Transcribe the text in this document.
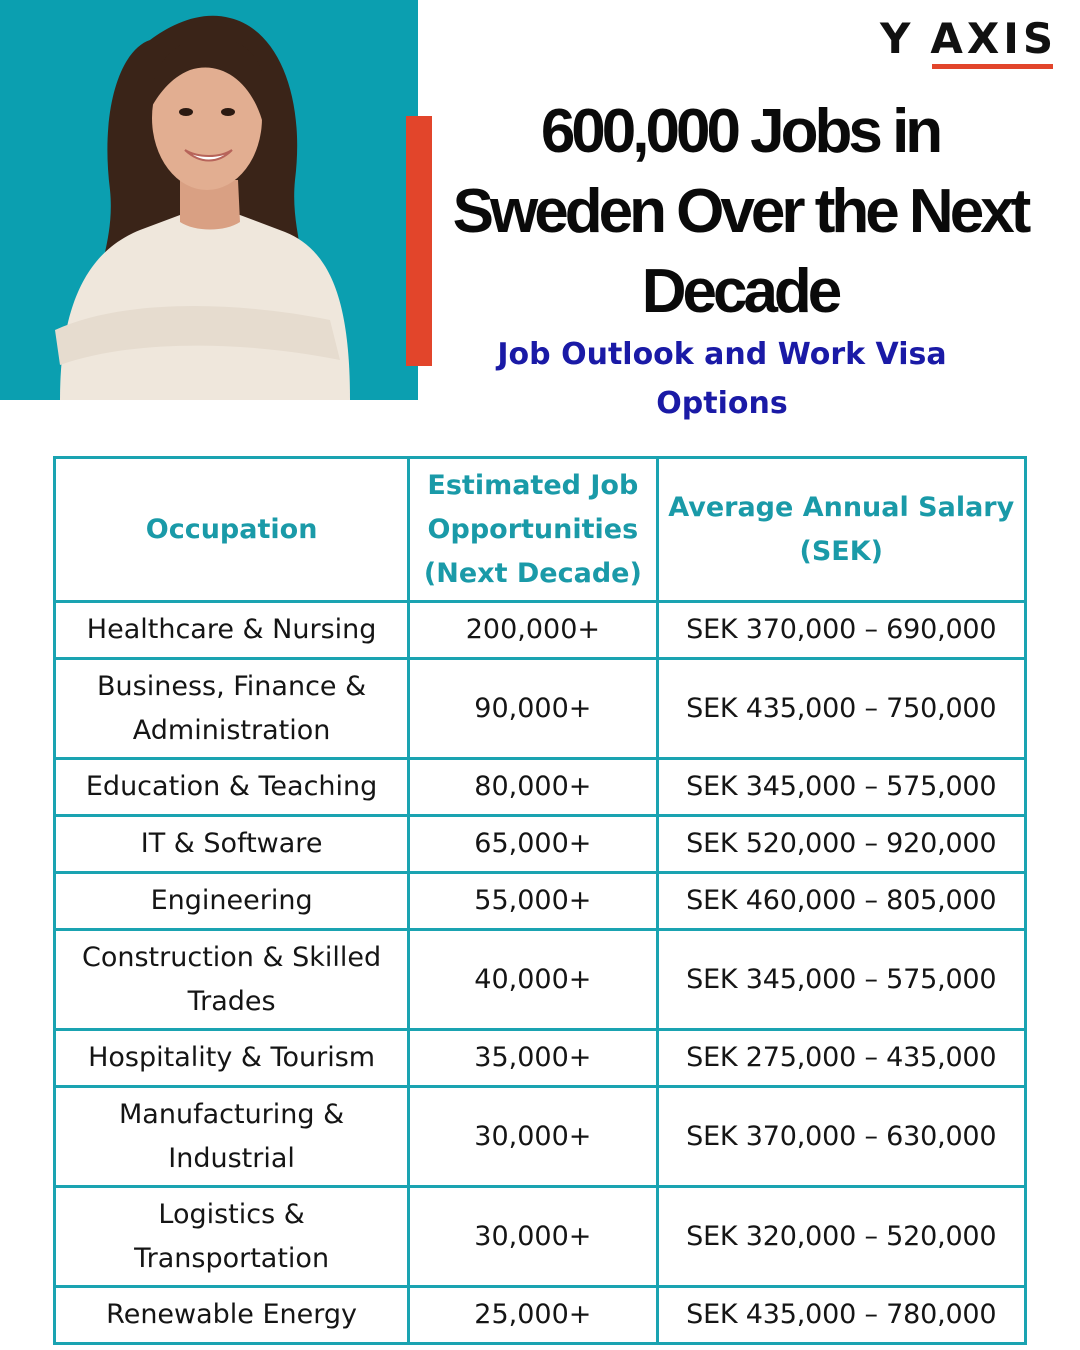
Y AXIS
600,000 Jobs in Sweden Over the Next Decade
Job Outlook and Work Visa Options
Occupation	Estimated Job Opportunities (Next Decade)	Average Annual Salary (SEK)
Healthcare & Nursing	200,000+	SEK 370,000 – 690,000
Business, Finance & Administration	90,000+	SEK 435,000 – 750,000
Education & Teaching	80,000+	SEK 345,000 – 575,000
IT & Software	65,000+	SEK 520,000 – 920,000
Engineering	55,000+	SEK 460,000 – 805,000
Construction & Skilled Trades	40,000+	SEK 345,000 – 575,000
Hospitality & Tourism	35,000+	SEK 275,000 – 435,000
Manufacturing & Industrial	30,000+	SEK 370,000 – 630,000
Logistics & Transportation	30,000+	SEK 320,000 – 520,000
Renewable Energy	25,000+	SEK 435,000 – 780,000
